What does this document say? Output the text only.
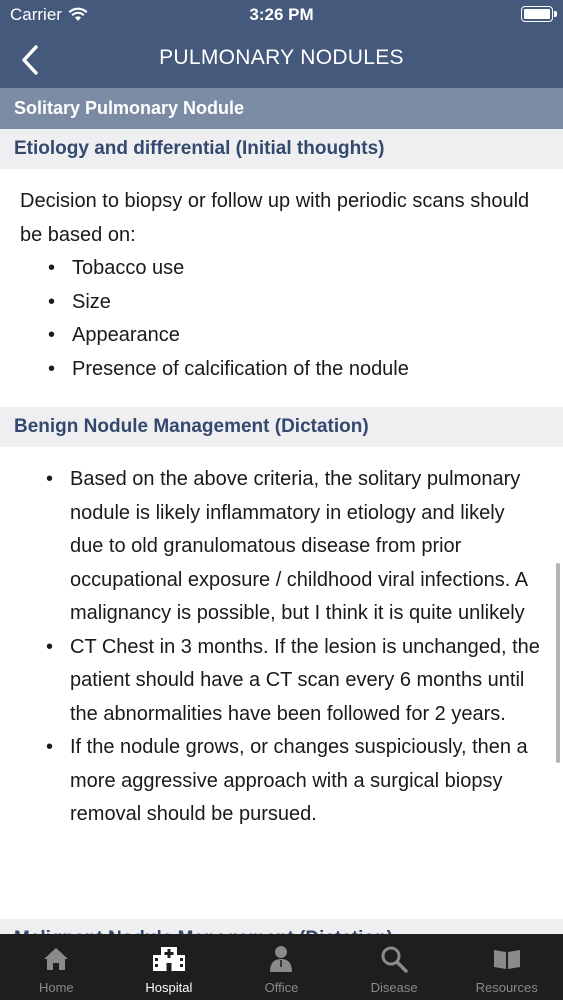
Carrier	3:26 PM
PULMONARY NODULES
Solitary Pulmonary Nodule
Etiology and differential (Initial thoughts)

Decision to biopsy or follow up with periodic scans should be based on:

• Tobacco use
• Size
• Appearance
• Presence of calcification of the nodule
Benign Nodule Management (Dictation)
• Based on the above criteria, the solitary pulmonary nodule is likely inflammatory in etiology and likely due to old granulomatous disease from prior occupational exposure / childhood viral infections. A malignancy is possible, but I think it is quite unlikely
• CT Chest in 3 months. If the lesion is unchanged, the patient should have a CT scan every 6 months until the abnormalities have been followed for 2 years.
• If the nodule grows, or changes suspiciously, then a more aggressive approach with a surgical biopsy removal should be pursued.
Home	Hospital	Office	Disease	Resources
